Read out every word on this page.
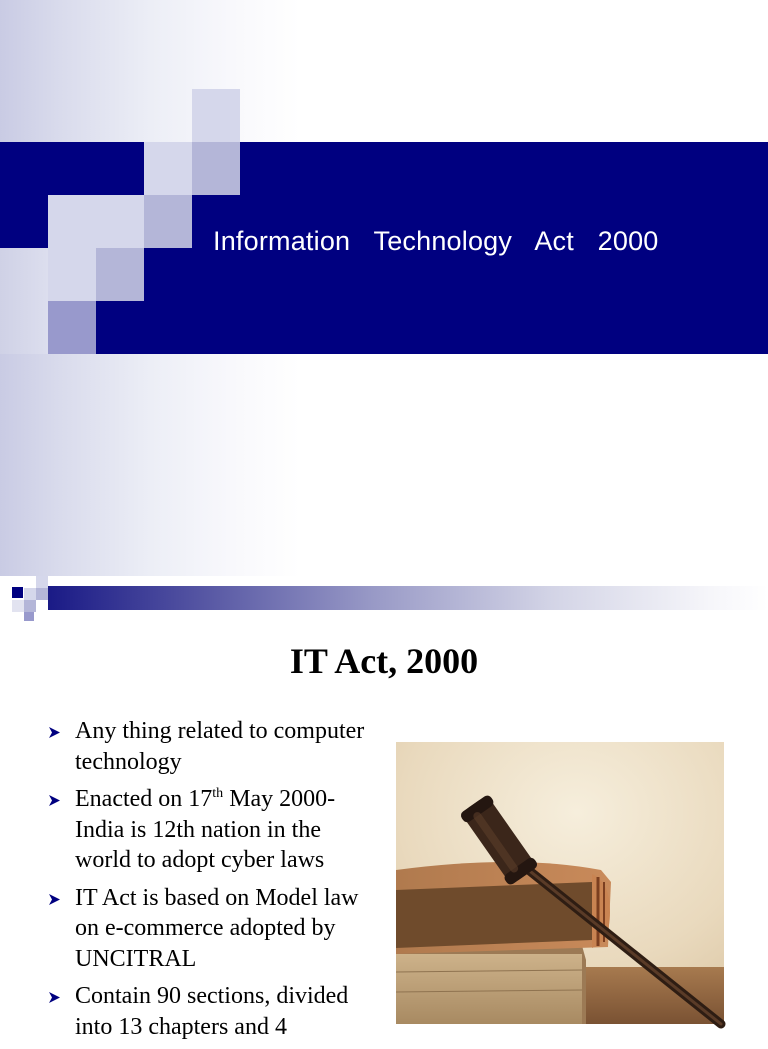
Information Technology Act 2000
IT Act, 2000
Any thing related to computer technology
Enacted on 17th May 2000- India is 12th nation in the world to adopt cyber laws
IT Act is based on Model law on e-commerce adopted by UNCITRAL
Contain 90 sections, divided into 13 chapters and 4
